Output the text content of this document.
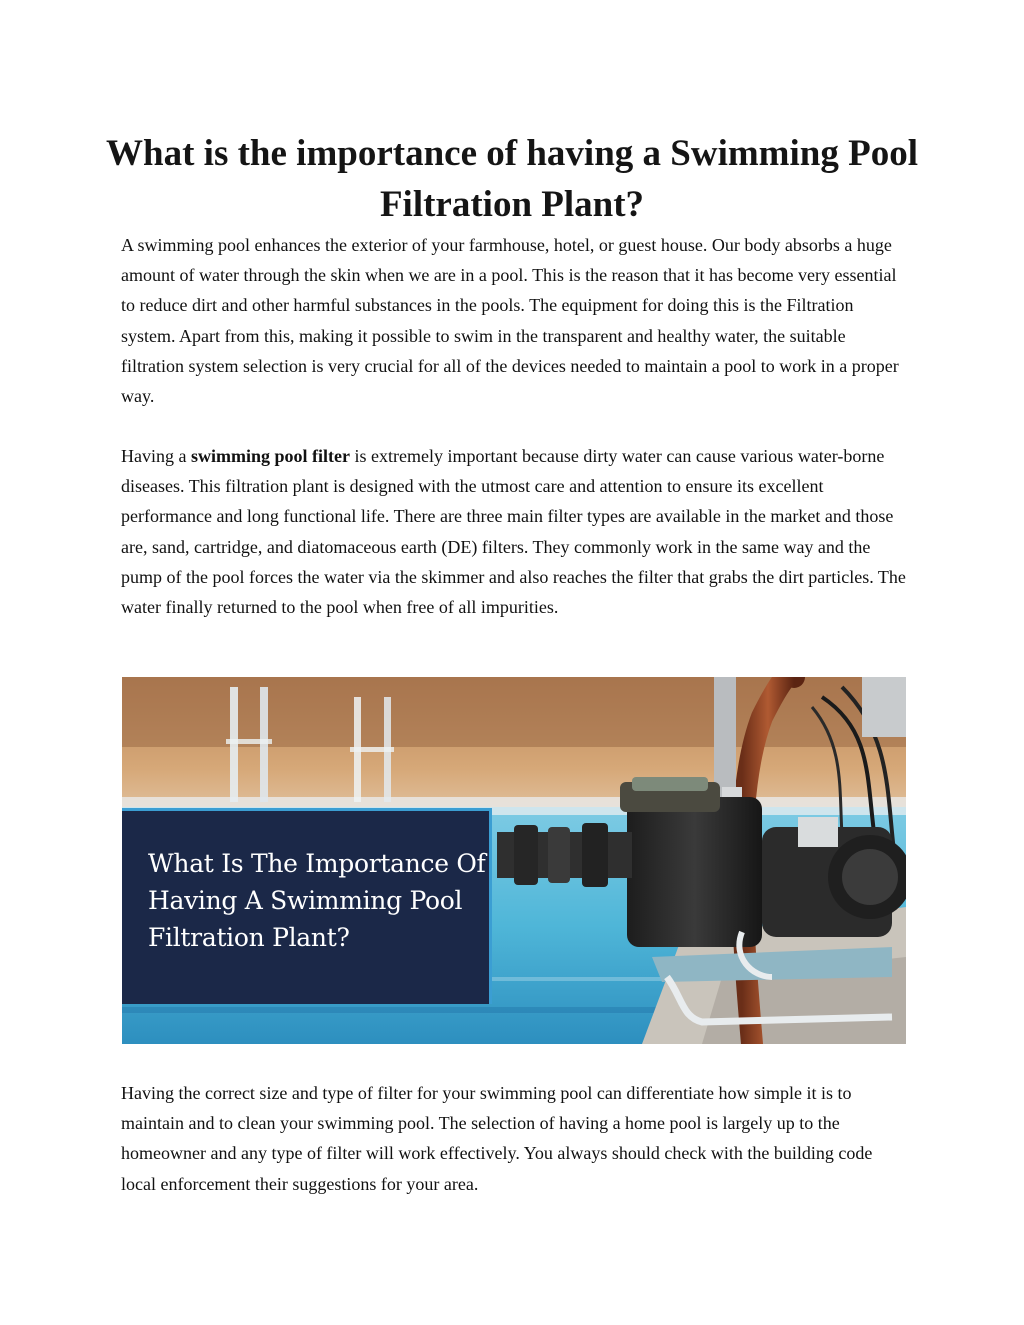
What is the importance of having a Swimming Pool Filtration Plant?

A swimming pool enhances the exterior of your farmhouse, hotel, or guest house. Our body absorbs a huge amount of water through the skin when we are in a pool. This is the reason that it has become very essential to reduce dirt and other harmful substances in the pools. The equipment for doing this is the Filtration system. Apart from this, making it possible to swim in the transparent and healthy water, the suitable filtration system selection is very crucial for all of the devices needed to maintain a pool to work in a proper way.

Having a swimming pool filter is extremely important because dirty water can cause various water-borne diseases. This filtration plant is designed with the utmost care and attention to ensure its excellent performance and long functional life. There are three main filter types are available in the market and those are, sand, cartridge, and diatomaceous earth (DE) filters. They commonly work in the same way and the pump of the pool forces the water via the skimmer and also reaches the filter that grabs the dirt particles. The water finally returned to the pool when free of all impurities.

What Is The Importance Of Having A Swimming Pool Filtration Plant?

Having the correct size and type of filter for your swimming pool can differentiate how simple it is to maintain and to clean your swimming pool. The selection of having a home pool is largely up to the homeowner and any type of filter will work effectively. You always should check with the building code local enforcement their suggestions for your area.
